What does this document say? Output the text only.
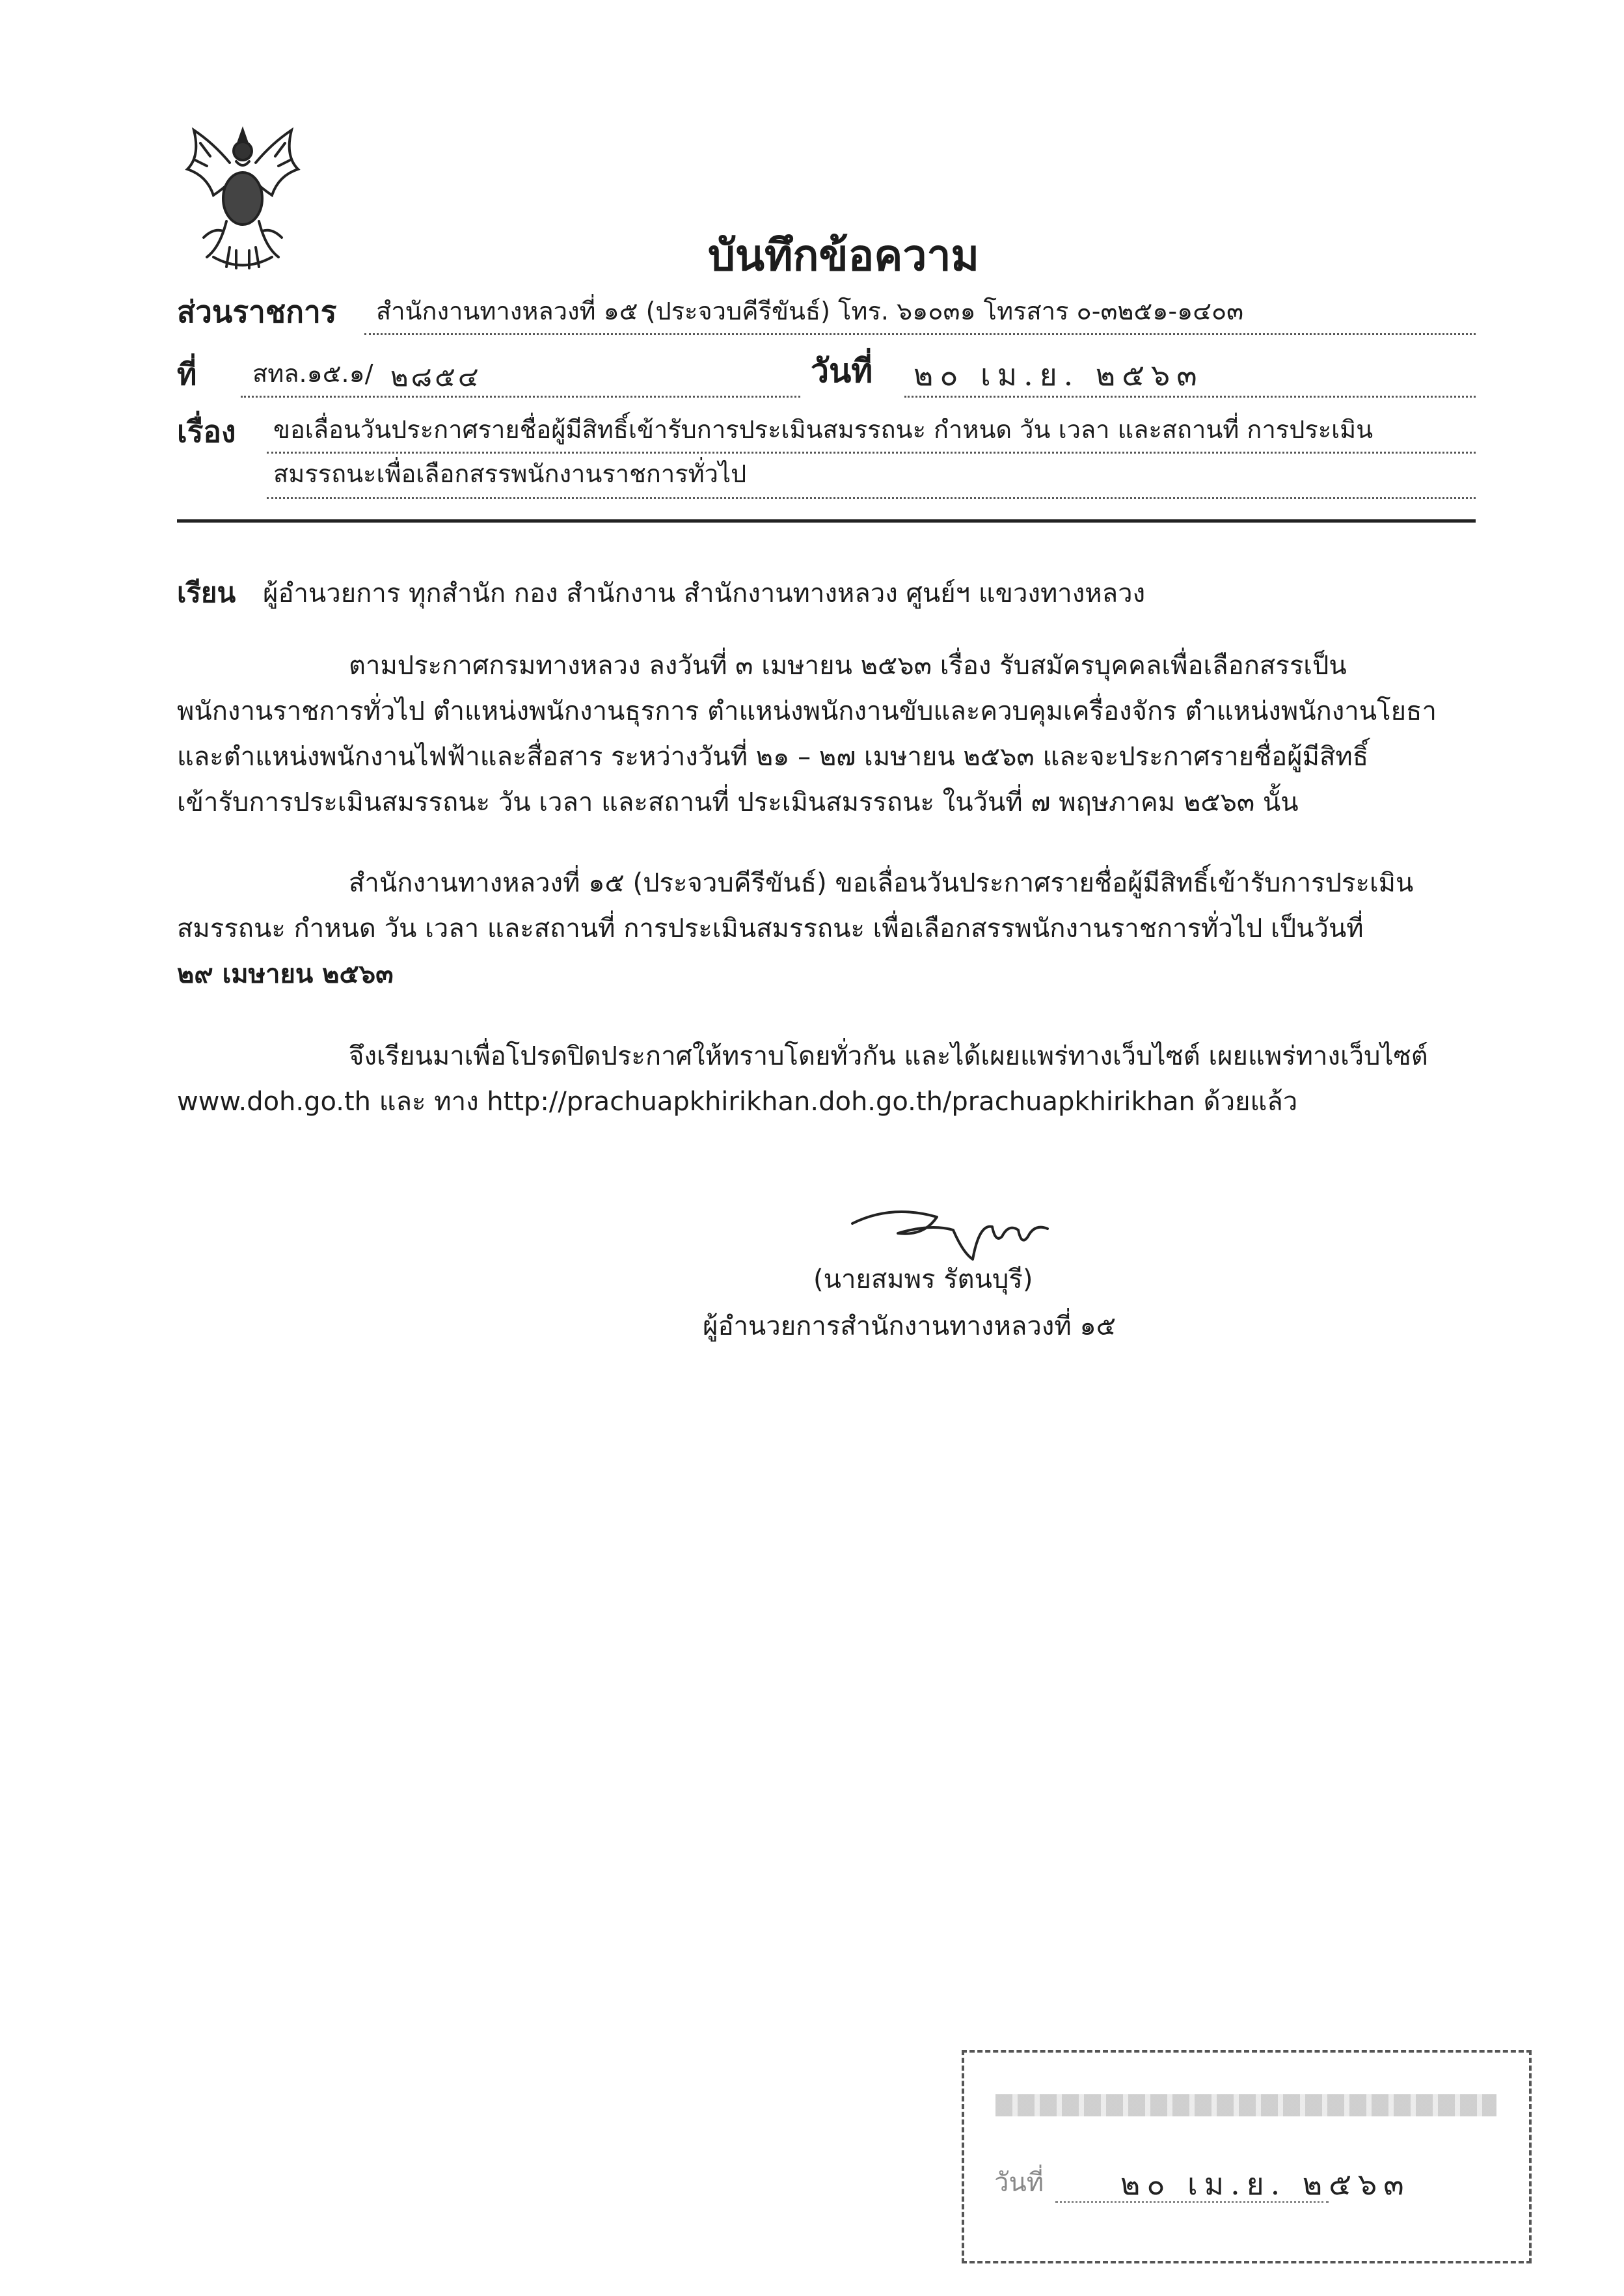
บันทึกข้อความ
ส่วนราชการ สำนักงานทางหลวงที่ ๑๕ (ประจวบคีรีขันธ์) โทร. ๖๑๐๓๑ โทรสาร ๐-๓๒๕๑-๑๔๐๓
ที่ สทล.๑๕.๑/ ๒๘๕๔	วันที่ ๒๐ เม.ย. ๒๕๖๓
เรื่อง ขอเลื่อนวันประกาศรายชื่อผู้มีสิทธิ์เข้ารับการประเมินสมรรถนะ กำหนด วัน เวลา และสถานที่ การประเมิน
สมรรถนะเพื่อเลือกสรรพนักงานราชการทั่วไป
เรียน ผู้อำนวยการ ทุกสำนัก กอง สำนักงาน สำนักงานทางหลวง ศูนย์ฯ แขวงทางหลวง
ตามประกาศกรมทางหลวง ลงวันที่ ๓ เมษายน ๒๕๖๓ เรื่อง รับสมัครบุคคลเพื่อเลือกสรรเป็น
พนักงานราชการทั่วไป ตำแหน่งพนักงานธุรการ ตำแหน่งพนักงานขับและควบคุมเครื่องจักร ตำแหน่งพนักงานโยธา
และตำแหน่งพนักงานไฟฟ้าและสื่อสาร ระหว่างวันที่ ๒๑ – ๒๗ เมษายน ๒๕๖๓ และจะประกาศรายชื่อผู้มีสิทธิ์
เข้ารับการประเมินสมรรถนะ วัน เวลา และสถานที่ ประเมินสมรรถนะ ในวันที่ ๗ พฤษภาคม ๒๕๖๓ นั้น
สำนักงานทางหลวงที่ ๑๕ (ประจวบคีรีขันธ์) ขอเลื่อนวันประกาศรายชื่อผู้มีสิทธิ์เข้ารับการประเมิน
สมรรถนะ กำหนด วัน เวลา และสถานที่ การประเมินสมรรถนะ เพื่อเลือกสรรพนักงานราชการทั่วไป เป็นวันที่
๒๙ เมษายน ๒๕๖๓
จึงเรียนมาเพื่อโปรดปิดประกาศให้ทราบโดยทั่วกัน และได้เผยแพร่ทางเว็บไซต์ เผยแพร่ทางเว็บไซต์
www.doh.go.th และ ทาง http://prachuapkhirikhan.doh.go.th/prachuapkhirikhan ด้วยแล้ว
(นายสมพร รัตนบุรี)
ผู้อำนวยการสำนักงานทางหลวงที่ ๑๕
วันที่	๒๐ เม.ย. ๒๕๖๓
